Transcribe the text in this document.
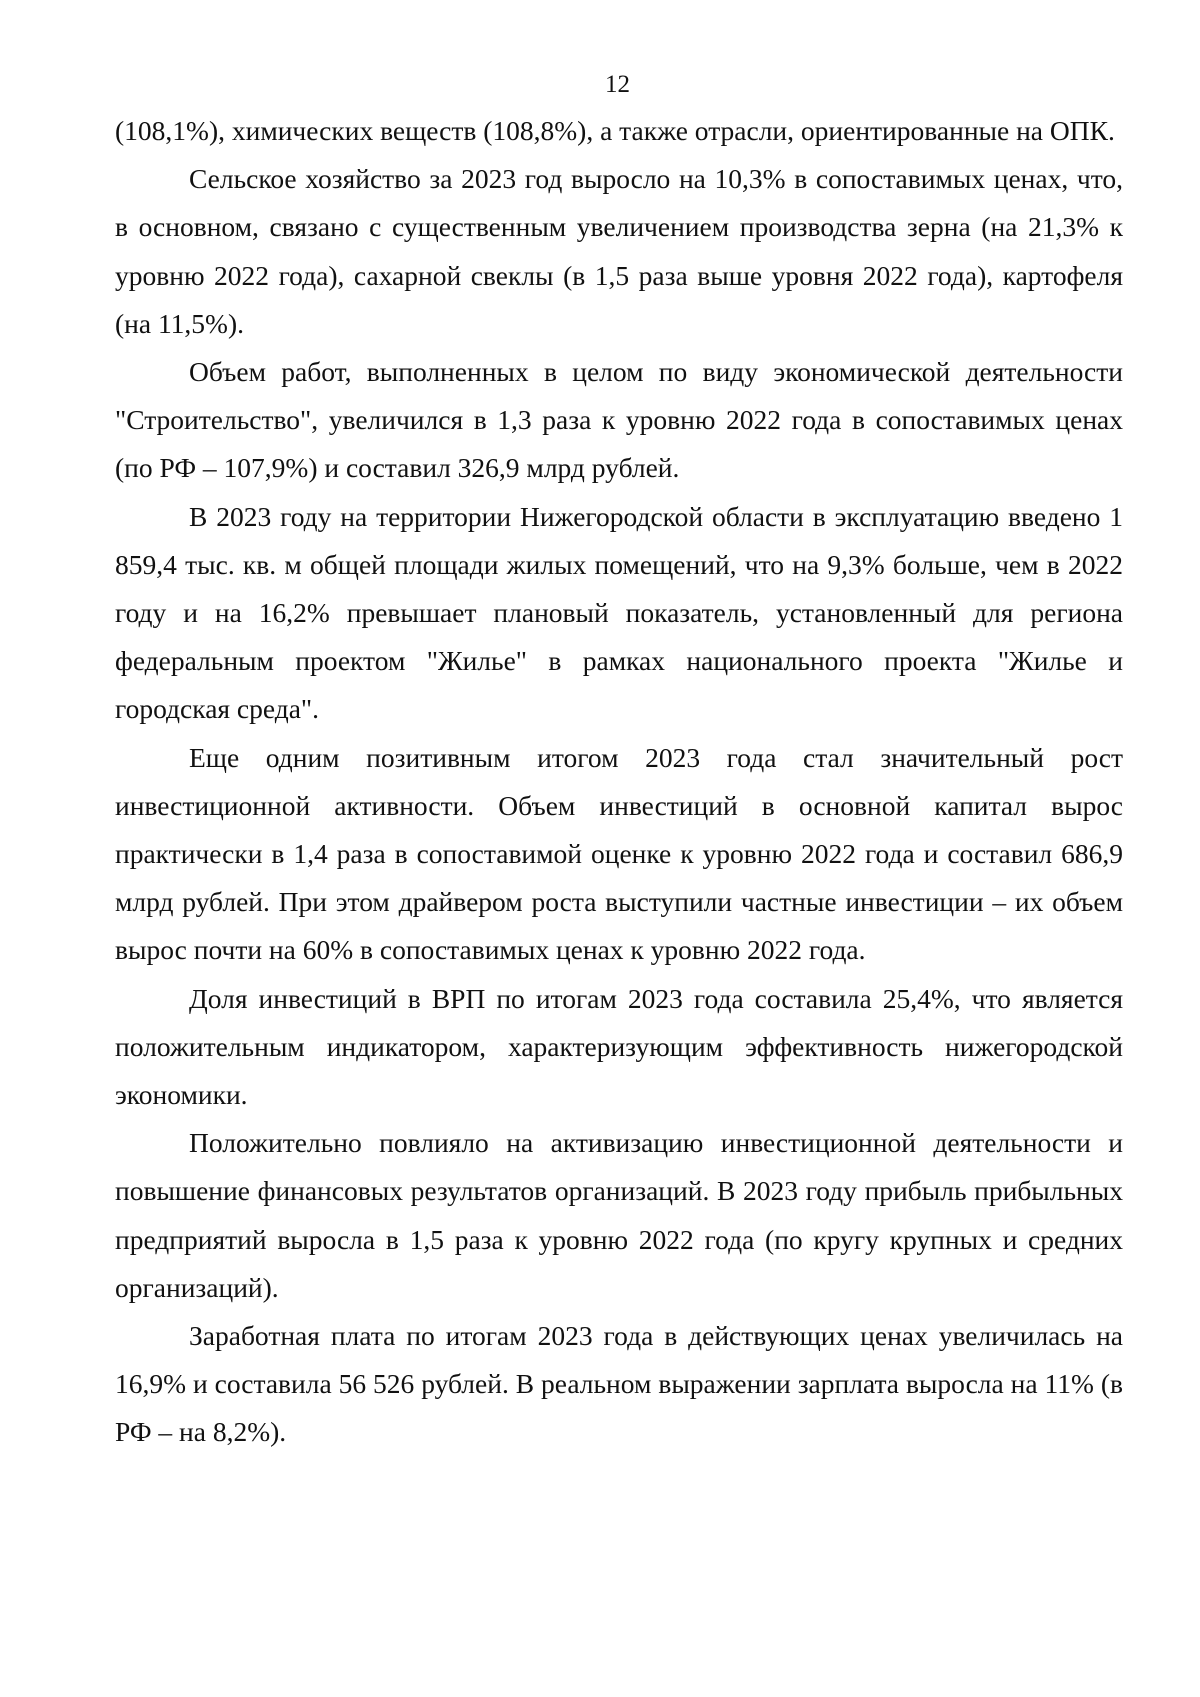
12

(108,1%), химических веществ (108,8%), а также отрасли, ориентированные на ОПК.

Сельское хозяйство за 2023 год выросло на 10,3% в сопоставимых ценах, что, в основном, связано с существенным увеличением производства зерна (на 21,3% к уровню 2022 года), сахарной свеклы (в 1,5 раза выше уровня 2022 года), картофеля (на 11,5%).

Объем работ, выполненных в целом по виду экономической деятельности "Строительство", увеличился в 1,3 раза к уровню 2022 года в сопоставимых ценах (по РФ – 107,9%) и составил 326,9 млрд рублей.

В 2023 году на территории Нижегородской области в эксплуатацию введено 1 859,4 тыс. кв. м общей площади жилых помещений, что на 9,3% больше, чем в 2022 году и на 16,2% превышает плановый показатель, установленный для региона федеральным проектом "Жилье" в рамках национального проекта "Жилье и городская среда".

Еще одним позитивным итогом 2023 года стал значительный рост инвестиционной активности. Объем инвестиций в основной капитал вырос практически в 1,4 раза в сопоставимой оценке к уровню 2022 года и составил 686,9 млрд рублей. При этом драйвером роста выступили частные инвестиции – их объем вырос почти на 60% в сопоставимых ценах к уровню 2022 года.

Доля инвестиций в ВРП по итогам 2023 года составила 25,4%, что является положительным индикатором, характеризующим эффективность нижегородской экономики.

Положительно повлияло на активизацию инвестиционной деятельности и повышение финансовых результатов организаций. В 2023 году прибыль прибыльных предприятий выросла в 1,5 раза к уровню 2022 года (по кругу крупных и средних организаций).

Заработная плата по итогам 2023 года в действующих ценах увеличилась на 16,9% и составила 56 526 рублей. В реальном выражении зарплата выросла на 11% (в РФ – на 8,2%).
